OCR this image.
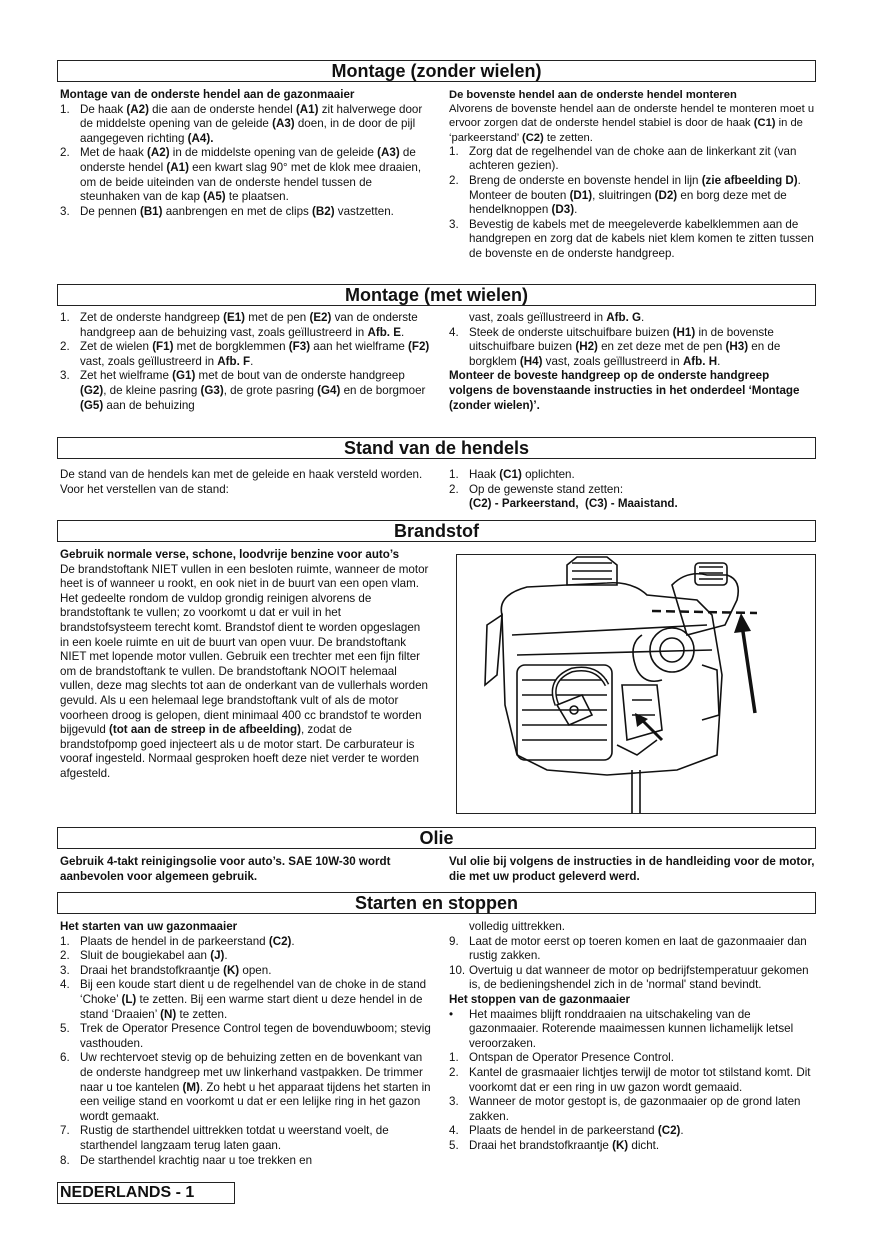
Montage (zonder wielen)

Montage van de onderste hendel aan de gazonmaaier

1. De haak (A2) die aan de onderste hendel (A1) zit halverwege door de middelste opening van de geleide (A3) doen, in de door de pijl aangegeven richting (A4).
2. Met de haak (A2) in de middelste opening van de geleide (A3) de onderste hendel (A1) een kwart slag 90° met de klok mee draaien, om de beide uiteinden van de onderste hendel tussen de steunhaken van de kap (A5) te plaatsen.
3. De pennen (B1) aanbrengen en met de clips (B2) vastzetten.

De bovenste hendel aan de onderste hendel monteren

Alvorens de bovenste hendel aan de onderste hendel te monteren moet u ervoor zorgen dat de onderste hendel stabiel is door de haak (C1) in de ‘parkeerstand’ (C2) te zetten.

1. Zorg dat de regelhendel van de choke aan de linkerkant zit (van achteren gezien).
2. Breng de onderste en bovenste hendel in lijn (zie afbeelding D). Monteer de bouten (D1), sluitringen (D2) en borg deze met de hendelknoppen (D3).
3. Bevestig de kabels met de meegeleverde kabelklemmen aan de handgrepen en zorg dat de kabels niet klem komen te zitten tussen de bovenste en de onderste handgreep.
Montage (met wielen)
1. Zet de onderste handgreep (E1) met de pen (E2) van de onderste handgreep aan de behuizing vast, zoals geïllustreerd in Afb. E.
2. Zet de wielen (F1) met de borgklemmen (F3) aan het wielframe (F2) vast, zoals geïllustreerd in Afb. F.
3. Zet het wielframe (G1) met de bout van de onderste handgreep (G2), de kleine pasring (G3), de grote pasring (G4) en de borgmoer (G5) aan de behuizing

vast, zoals geïllustreerd in Afb. G.

4. Steek de onderste uitschuifbare buizen (H1) in de bovenste uitschuifbare buizen (H2) en zet deze met de pen (H3) en de borgklem (H4) vast, zoals geïllustreerd in Afb. H.

Monteer de boveste handgreep op de onderste handgreep volgens de bovenstaande instructies in het onderdeel ‘Montage (zonder wielen)’.

Stand van de hendels

De stand van de hendels kan met de geleide en haak versteld worden. Voor het verstellen van de stand:

1. Haak (C1) oplichten.
2. Op de gewenste stand zetten:
(C2) - Parkeerstand,  (C3) - Maaistand.
Brandstof

Gebruik normale verse, schone, loodvrije benzine voor auto’s

De brandstoftank NIET vullen in een besloten ruimte, wanneer de motor heet is of wanneer u rookt, en ook niet in de buurt van een open vlam. Het gedeelte rondom de vuldop grondig reinigen alvorens de brandstoftank te vullen; zo voorkomt u dat er vuil in het brandstofsysteem terecht komt. Brandstof dient te worden opgeslagen in een koele ruimte en uit de buurt van open vuur. De brandstoftank NIET met lopende motor vullen. Gebruik een trechter met een fijn filter om de brandstoftank te vullen. De brandstoftank NOOIT helemaal vullen, deze mag slechts tot aan de onderkant van de vullerhals worden gevuld. Als u een helemaal lege brandstoftank vult of als de motor voorheen droog is gelopen, dient minimaal 400 cc brandstof te worden bijgevuld (tot aan de streep in de afbeelding), zodat de brandstofpomp goed injecteert als u de motor start. De carburateur is vooraf ingesteld. Normaal gesproken hoeft deze niet verder te worden afgesteld.

Olie
Gebruik 4-takt reinigingsolie voor auto’s. SAE 10W-30 wordt aanbevolen voor algemeen gebruik.
Vul olie bij volgens de instructies in de handleiding voor de motor, die met uw product geleverd werd.
Starten en stoppen

Het starten van uw gazonmaaier

1. Plaats de hendel in de parkeerstand (C2).
2. Sluit de bougiekabel aan (J).
3. Draai het brandstofkraantje (K) open.
4. Bij een koude start dient u de regelhendel van de choke in de stand ‘Choke’ (L) te zetten. Bij een warme start dient u deze hendel in de stand ‘Draaien’ (N) te zetten.
5. Trek de Operator Presence Control tegen de bovenduwboom; stevig vasthouden.
6. Uw rechtervoet stevig op de behuizing zetten en de bovenkant van de onderste handgreep met uw linkerhand vastpakken. De trimmer naar u toe kantelen (M). Zo hebt u het apparaat tijdens het starten in een veilige stand en voorkomt u dat er een lelijke ring in het gazon wordt gemaakt.
7. Rustig de starthendel uittrekken totdat u weerstand voelt, de starthendel langzaam terug laten gaan.
8. De starthendel krachtig naar u toe trekken en

volledig uittrekken.

9. Laat de motor eerst op toeren komen en laat de gazonmaaier dan rustig zakken.
10. Overtuig u dat wanneer de motor op bedrijfstemperatuur gekomen is, de bedieningshendel zich in de 'normal' stand bevindt.

Het stoppen van de gazonmaaier

• Het maaimes blijft ronddraaien na uitschakeling van de gazonmaaier. Roterende maaimessen kunnen lichamelijk letsel veroorzaken.
1. Ontspan de Operator Presence Control.
2. Kantel de grasmaaier lichtjes terwijl de motor tot stilstand komt. Dit voorkomt dat er een ring in uw gazon wordt gemaaid.
3. Wanneer de motor gestopt is, de gazonmaaier op de grond laten zakken.
4. Plaats de hendel in de parkeerstand (C2).
5. Draai het brandstofkraantje (K) dicht.
NEDERLANDS - 1
